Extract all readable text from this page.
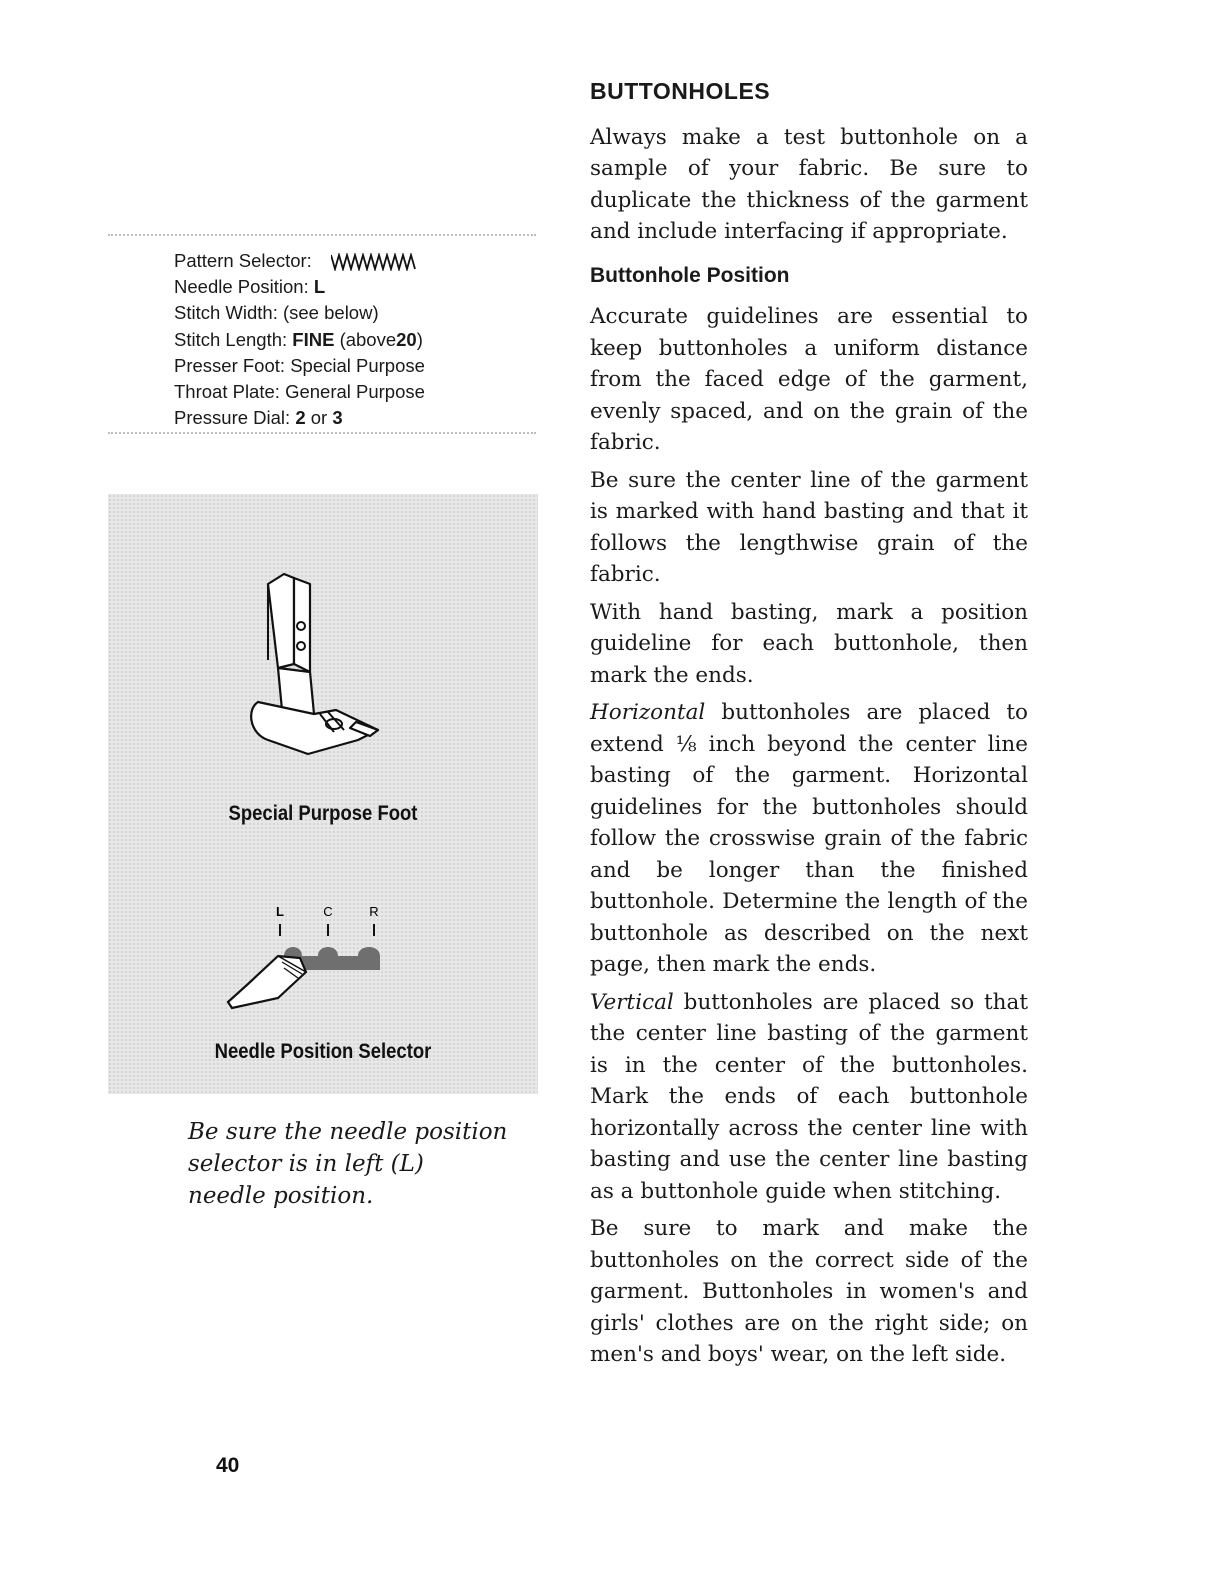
Pattern Selector:
Needle Position: L
Stitch Width: (see below)
Stitch Length: FINE (above20)
Presser Foot: Special Purpose
Throat Plate: General Purpose
Pressure Dial: 2 or 3
Special Purpose Foot
L	C	R
Needle Position Selector
Be sure the needle position selector is in left (L) needle position.
40
BUTTONHOLES

Always make a test buttonhole on a sample of your fabric. Be sure to duplicate the thickness of the garment and include interfacing if appropriate.

Buttonhole Position

Accurate guidelines are essential to keep buttonholes a uniform distance from the faced edge of the garment, evenly spaced, and on the grain of the fabric.

Be sure the center line of the garment is marked with hand basting and that it follows the lengthwise grain of the fabric.

With hand basting, mark a position guideline for each buttonhole, then mark the ends.

Horizontal buttonholes are placed to extend ⅛ inch beyond the center line basting of the garment. Horizontal guidelines for the buttonholes should follow the crosswise grain of the fabric and be longer than the finished buttonhole. Determine the length of the buttonhole as described on the next page, then mark the ends.

Vertical buttonholes are placed so that the center line basting of the garment is in the center of the buttonholes. Mark the ends of each buttonhole horizontally across the center line with basting and use the center line basting as a buttonhole guide when stitching.

Be sure to mark and make the buttonholes on the correct side of the garment. Buttonholes in women's and girls' clothes are on the right side; on men's and boys' wear, on the left side.
